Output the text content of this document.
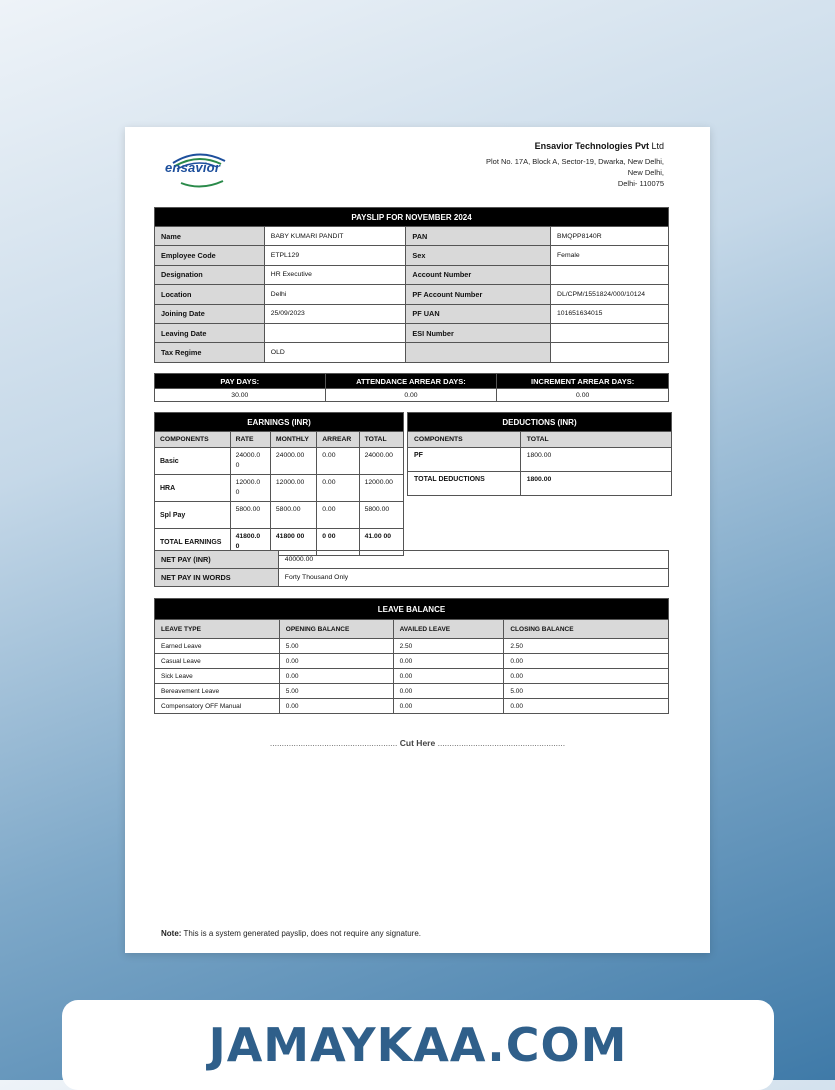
ensavior
Ensavior Technologies Pvt Ltd
Plot No. 17A, Block A, Sector-19, Dwarka, New Delhi,
New Delhi,
Delhi- 110075
PAYSLIP FOR NOVEMBER 2024			
Name	BABY KUMARI PANDIT	PAN	BMQPP8140R
Employee Code	ETPL129	Sex	Female
Designation	HR Executive	Account Number	
Location	Delhi	PF Account Number	DL/CPM/1551824/000/10124
Joining Date	25/09/2023	PF UAN	101651634015
Leaving Date		ESI Number	
Tax Regime	OLD		
PAY DAYS:	ATTENDANCE ARREAR DAYS:	INCREMENT ARREAR DAYS:
30.00	0.00	0.00
EARNINGS (INR)				
COMPONENTS	RATE	MONTHLY	ARREAR	TOTAL
Basic	24000.0 0	24000.00	0.00	24000.00
HRA	12000.0 0	12000.00	0.00	12000.00
Spl Pay	5800.00	5800.00	0.00	5800.00
TOTAL EARNINGS	41800.0 0	41800 00	0 00	41.00 00
DEDUCTIONS (INR)	
COMPONENTS	TOTAL
PF	1800.00
TOTAL DEDUCTIONS	1800.00
NET PAY (INR)	40000.00
NET PAY IN WORDS	Forty Thousand Only
LEAVE BALANCE			
LEAVE TYPE	OPENING BALANCE	AVAILED LEAVE	CLOSING BALANCE
Earned Leave	5.00	2.50	2.50
Casual Leave	0.00	0.00	0.00
Sick Leave	0.00	0.00	0.00
Bereavement Leave	5.00	0.00	5.00
Compensatory OFF Manual	0.00	0.00	0.00
...................................................... Cut Here ......................................................
Note: This is a system generated payslip, does not require any signature.
JAMAYKAA.COM
